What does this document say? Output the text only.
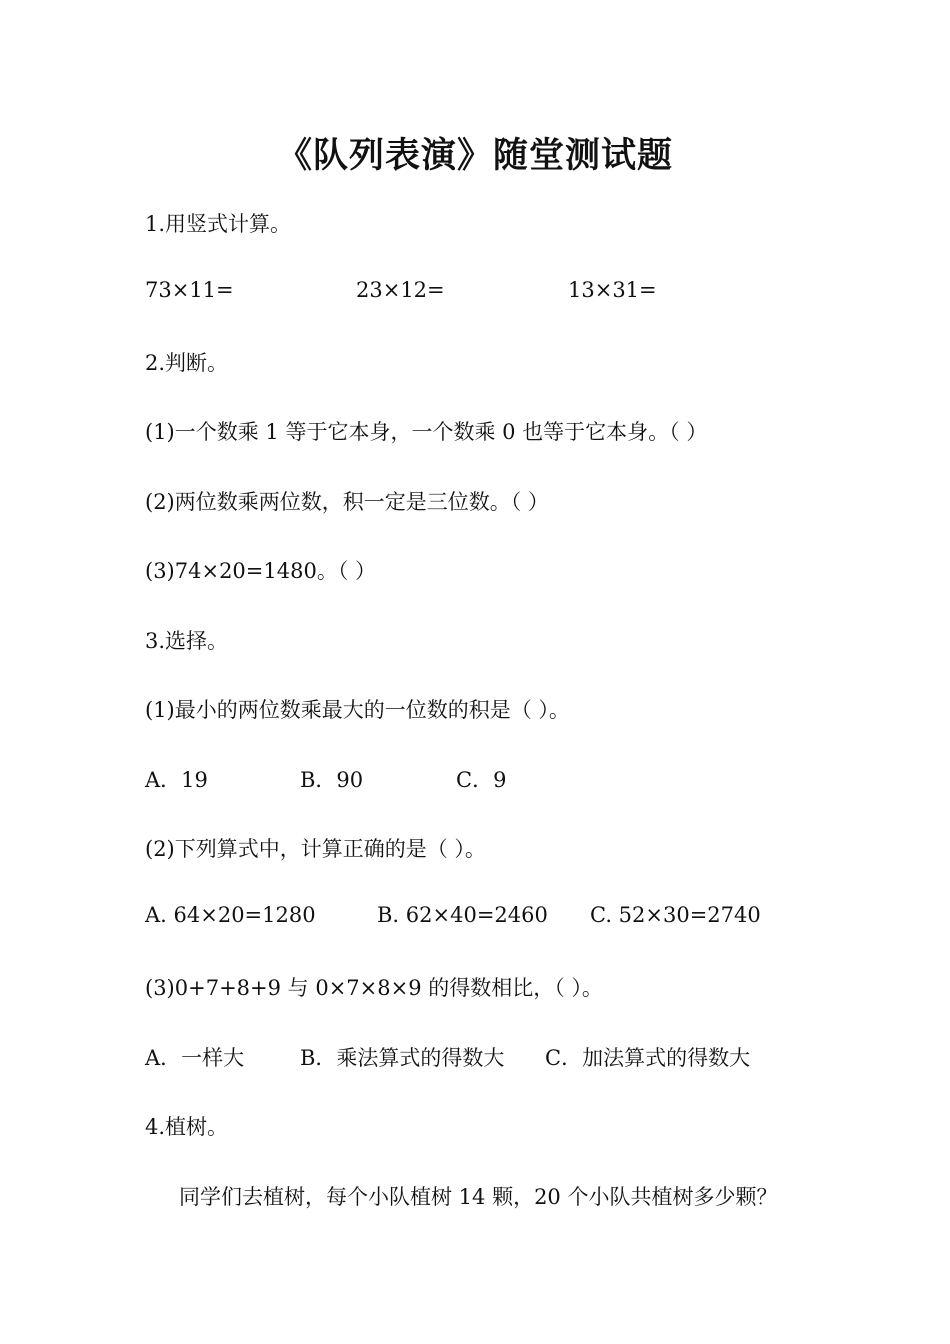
《队列表演》随堂测试题
1.用竖式计算。
73×11=	23×12=	13×31=
2.判断。
(1)一个数乘 1 等于它本身，一个数乘 0 也等于它本身。（ ）
(2)两位数乘两位数，积一定是三位数。（ ）
(3)74×20=1480。（ ）
3.选择。
(1)最小的两位数乘最大的一位数的积是（ ）。
A．19	B．90	C．9
(2)下列算式中，计算正确的是（ ）。
A. 64×20=1280	B. 62×40=2460 C. 52×30=2740
(3)0+7+8+9 与 0×7×8×9 的得数相比，（ ）。
A．一样大	B．乘法算式的得数大 C．加法算式的得数大
4.植树。
同学们去植树，每个小队植树 14 颗，20 个小队共植树多少颗？
